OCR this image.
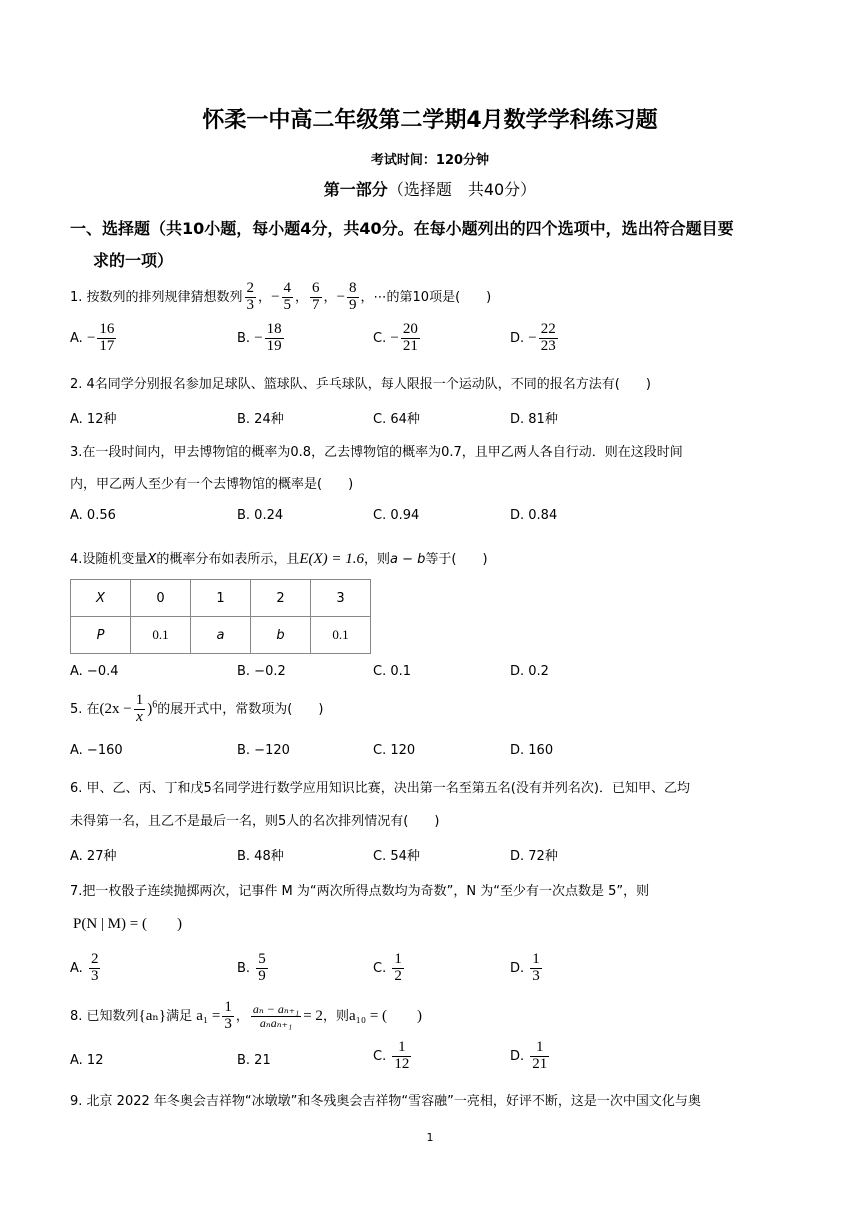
怀柔一中高二年级第二学期4月数学学科练习题
考试时间：120分钟
第一部分（选择题　共40分）
一、选择题（共10小题，每小题4分，共40分。在每小题列出的四个选项中，选出符合题目要
求的一项）
1. 按数列的排列规律猜想数列 $\frac{2}{3}$ ，− $\frac{4}{5}$ ， $\frac{6}{7}$ ，− $\frac{8}{9}$ ，⋯的第10项是(　　)
A. − $\frac{16}{17}$	B. − $\frac{18}{19}$	C. − $\frac{20}{21}$	D. − $\frac{22}{23}$
2. 4名同学分别报名参加足球队、篮球队、乒乓球队，每人限报一个运动队，不同的报名方法有(　　)
A. 12种	B. 24种	C. 64种	D. 81种
3.在一段时间内，甲去博物馆的概率为0.8，乙去博物馆的概率为0.7，且甲乙两人各自行动．则在这段时间
内，甲乙两人至少有一个去博物馆的概率是(　　)
A. 0.56	B. 0.24	C. 0.94	D. 0.84
4.设随机变量X的概率分布如表所示，且E(X) = 1.6，则a − b等于(　　)
X	0	1	2	3
P	0.1	a	b	0.1
A. −0.4	B. −0.2	C. 0.1	D. 0.2
5. 在$(2x - \frac{1}{x} )^6$的展开式中，常数项为(　　)
A. −160	B. −120	C. 120	D. 160
6. 甲、乙、丙、丁和戊5名同学进行数学应用知识比赛，决出第一名至第五名(没有并列名次)．已知甲、乙均
未得第一名，且乙不是最后一名，则5人的名次排列情况有(　　)
A. 27种	B. 48种	C. 54种	D. 72种
7.把一枚骰子连续抛掷两次，记事件 M 为“两次所得点数均为奇数”，N 为“至少有一次点数是 5”，则
P(N | M) = (　　)
A. $\frac{2}{3}$	B. $\frac{5}{9}$	C. $\frac{1}{2}$	D. $\frac{1}{3}$
8. 已知数列{aₙ}满足 $a_1 = \frac{1}{3}$ ， $\frac{\text{aₙ − aₙ₊₁}}{\text{aₙaₙ₊₁}} = 2$，则a₁₀ = (　　)
A. 12	B. 21	C. $\frac{1}{12}$	D. $\frac{1}{21}$
9. 北京 2022 年冬奥会吉祥物“冰墩墩”和冬残奥会吉祥物“雪容融”一亮相，好评不断，这是一次中国文化与奥
1
